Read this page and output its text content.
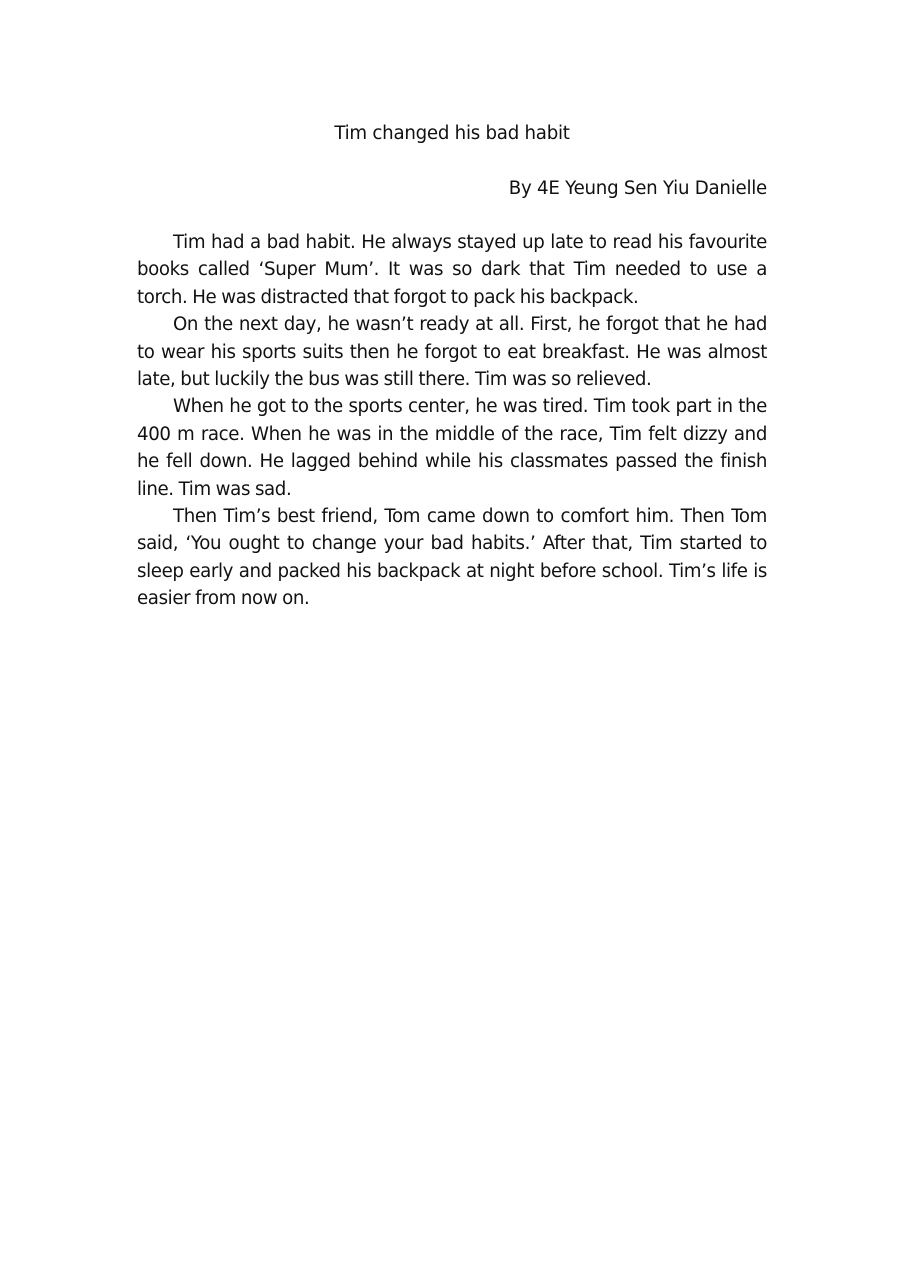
Tim changed his bad habit

By 4E Yeung Sen Yiu Danielle

Tim had a bad habit. He always stayed up late to read his favourite books called ‘Super Mum’. It was so dark that Tim needed to use a torch. He was distracted that forgot to pack his backpack.

On the next day, he wasn’t ready at all. First, he forgot that he had to wear his sports suits then he forgot to eat breakfast. He was almost late, but luckily the bus was still there. Tim was so relieved.

When he got to the sports center, he was tired. Tim took part in the 400 m race. When he was in the middle of the race, Tim felt dizzy and he fell down. He lagged behind while his classmates passed the finish line. Tim was sad.

Then Tim’s best friend, Tom came down to comfort him. Then Tom said, ‘You ought to change your bad habits.’ After that, Tim started to sleep early and packed his backpack at night before school. Tim’s life is easier from now on.
